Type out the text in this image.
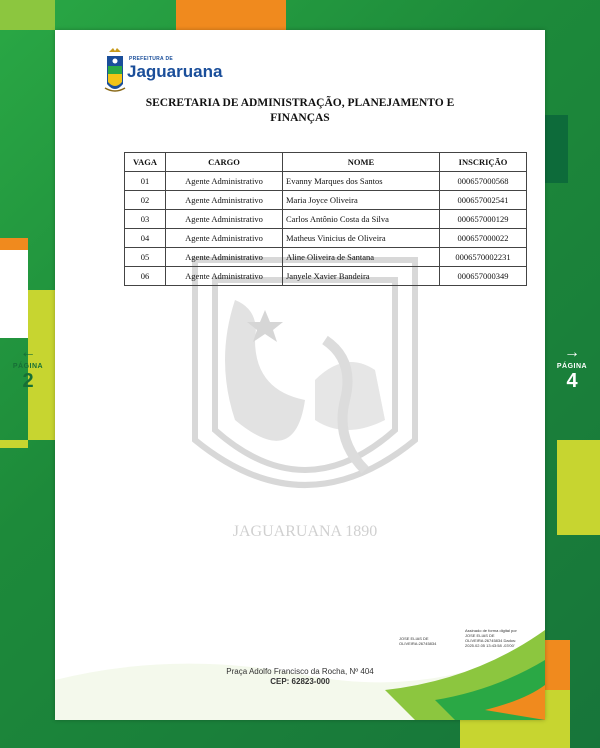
PREFEITURA DE
Jaguaruana
SECRETARIA DE ADMINISTRAÇÃO, PLANEJAMENTO E FINANÇAS
JAGUARUANA 1890
VAGA	CARGO	NOME	INSCRIÇÃO
01	Agente Administrativo	Evanny Marques dos Santos	000657000568
02	Agente Administrativo	Maria Joyce Oliveira	000657002541
03	Agente Administrativo	Carlos Antônio Costa da Silva	000657000129
04	Agente Administrativo	Matheus Vinicius de Oliveira	000657000022
05	Agente Administrativo	Aline Oliveira de Santana	0006570002231
06	Agente Administrativo	Janyele Xavier Bandeira	000657000349
JOSE ELIAS DE OLIVEIRA:26745834
Assinado de forma digital por JOSE ELIAS DE OLIVEIRA:26745834 Dados: 2025.02.05 13:43:58 -03'00'
Praça Adolfo Francisco da Rocha, Nº 404
CEP: 62823-000
←
PÁGINA
2
→
PÁGINA
4
